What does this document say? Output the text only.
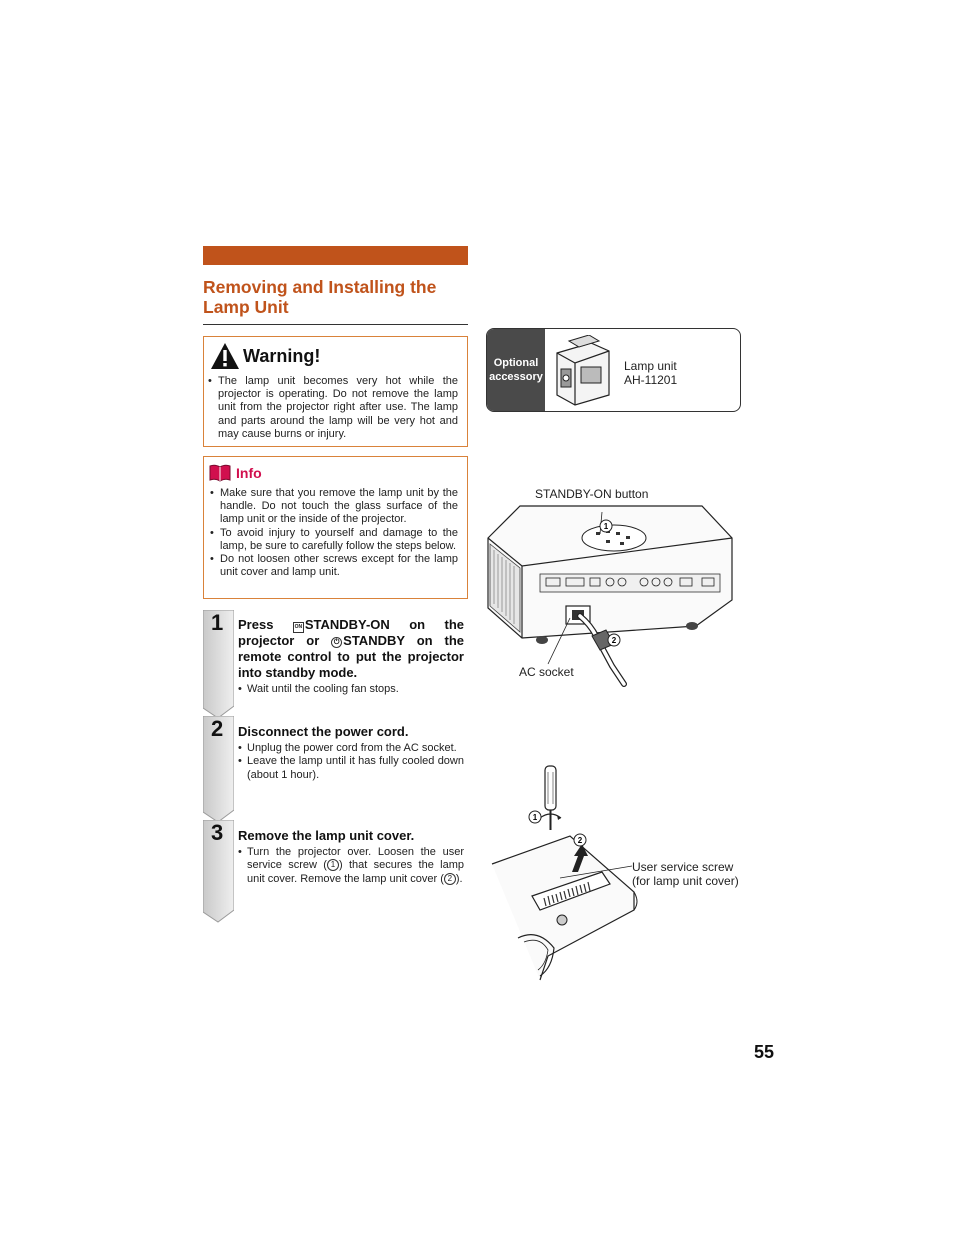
Removing and Installing the Lamp Unit
Warning!
• The lamp unit becomes very hot while the projector is operating. Do not remove the lamp unit from the projector right after use. The lamp and parts around the lamp will be very hot and may cause burns or injury.
Info
• Make sure that you remove the lamp unit by the handle. Do not touch the glass surface of the lamp unit or the inside of the projector.
• To avoid injury to yourself and damage to the lamp, be sure to carefully follow the steps below.
• Do not loosen other screws except for the lamp unit cover and lamp unit.
1
2
3

Press ON STANDBY-ON on the projector or ⏻ STANDBY on the remote control to put the projector into standby mode.

• Wait until the cooling fan stops.

Disconnect the power cord.

• Unplug the power cord from the AC socket.
• Leave the lamp until it has fully cooled down (about 1 hour).

Remove the lamp unit cover.

• Turn the projector over. Loosen the user service screw ( 1 ) that secures the lamp unit cover. Remove the lamp unit cover ( 2 ).
Optional accessory
Lamp unit
AH-11201
STANDBY-ON button
AC socket
1
2
User service screw
(for lamp unit cover)
1
2
55
